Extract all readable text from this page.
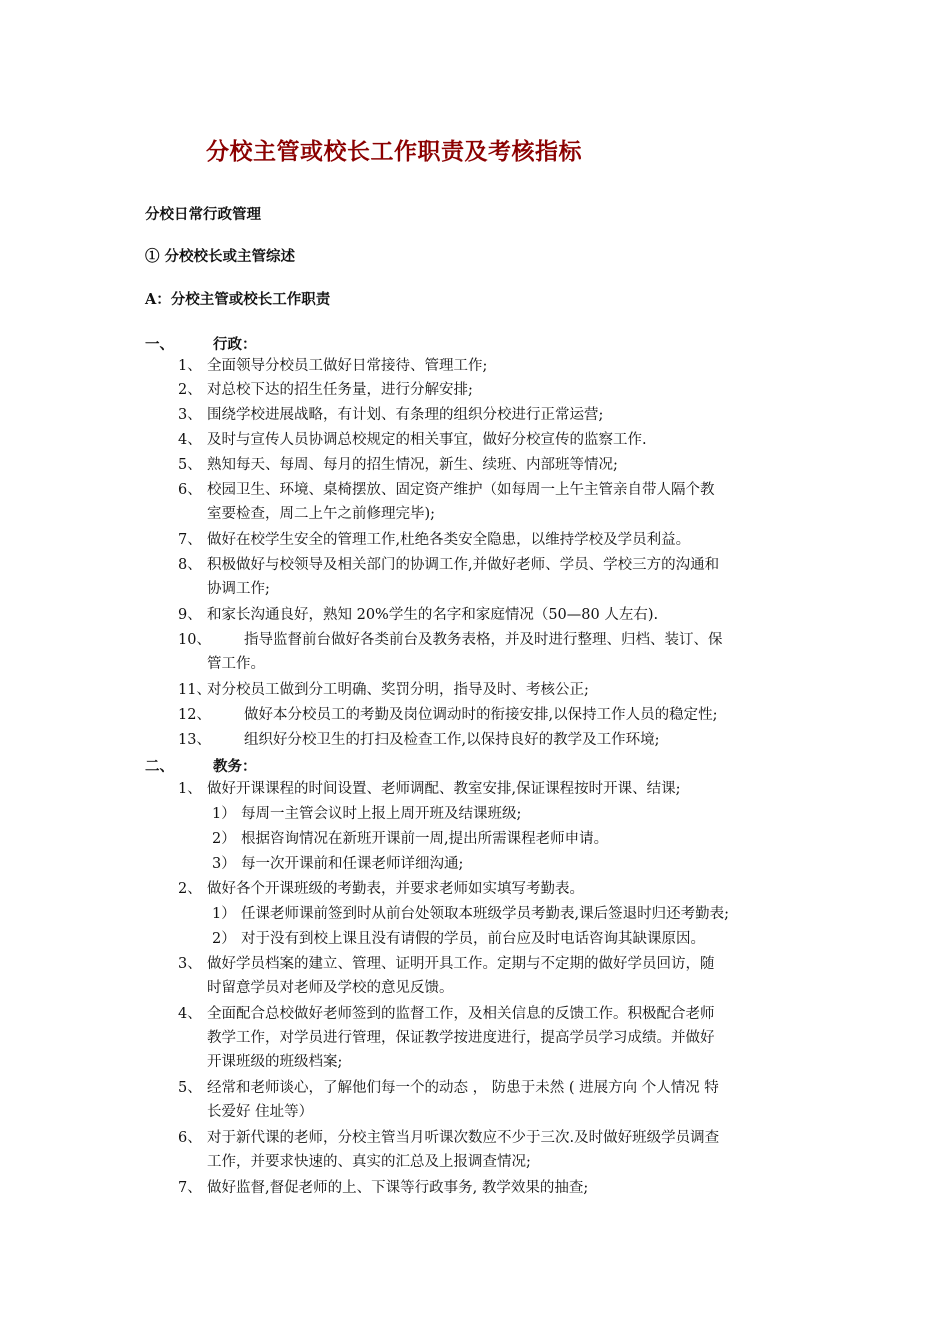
分校主管或校长工作职责及考核指标
分校日常行政管理
① 分校校长或主管综述
A：分校主管或校长工作职责
一、	行政：
1、 全面领导分校员工做好日常接待、管理工作;
2、 对总校下达的招生任务量，进行分解安排;
3、 围绕学校进展战略，有计划、有条理的组织分校进行正常运营;
4、 及时与宣传人员协调总校规定的相关事宜，做好分校宣传的监察工作.
5、 熟知每天、每周、每月的招生情况，新生、续班、内部班等情况;
6、 校园卫生、环境、桌椅摆放、固定资产维护（如每周一上午主管亲自带人隔个教
室要检查，周二上午之前修理完毕);
7、 做好在校学生安全的管理工作,杜绝各类安全隐患，以维持学校及学员利益。
8、 积极做好与校领导及相关部门的协调工作,并做好老师、学员、学校三方的沟通和
协调工作;
9、 和家长沟通良好，熟知 20%学生的名字和家庭情况（50—80 人左右).
10、 指导监督前台做好各类前台及教务表格，并及时进行整理、归档、装订、保
管工作。
11、
对分校员工做到分工明确、奖罚分明，指导及时、考核公正;
12、 做好本分校员工的考勤及岗位调动时的衔接安排,以保持工作人员的稳定性;
13、 组织好分校卫生的打扫及检查工作,以保持良好的教学及工作环境;
二、	教务：
1、 做好开课课程的时间设置、老师调配、教室安排,保证课程按时开课、结课;
1） 每周一主管会议时上报上周开班及结课班级;
2） 根据咨询情况在新班开课前一周,提出所需课程老师申请。
3） 每一次开课前和任课老师详细沟通;
2、 做好各个开课班级的考勤表，并要求老师如实填写考勤表。
1） 任课老师课前签到时从前台处领取本班级学员考勤表,课后签退时归还考勤表;
2） 对于没有到校上课且没有请假的学员，前台应及时电话咨询其缺课原因。
3、 做好学员档案的建立、管理、证明开具工作。定期与不定期的做好学员回访，随
时留意学员对老师及学校的意见反馈。
4、 全面配合总校做好老师签到的监督工作，及相关信息的反馈工作。积极配合老师
教学工作，对学员进行管理，保证教学按进度进行，提高学员学习成绩。并做好
开课班级的班级档案;
5、 经常和老师谈心，了解他们每一个的动态 ， 防患于未然 ( 进展方向 个人情况 特
长爱好 住址等）
6、 对于新代课的老师，分校主管当月听课次数应不少于三次.及时做好班级学员调查
工作，并要求快速的、真实的汇总及上报调查情况;
7、 做好监督,督促老师的上、下课等行政事务, 教学效果的抽查;
